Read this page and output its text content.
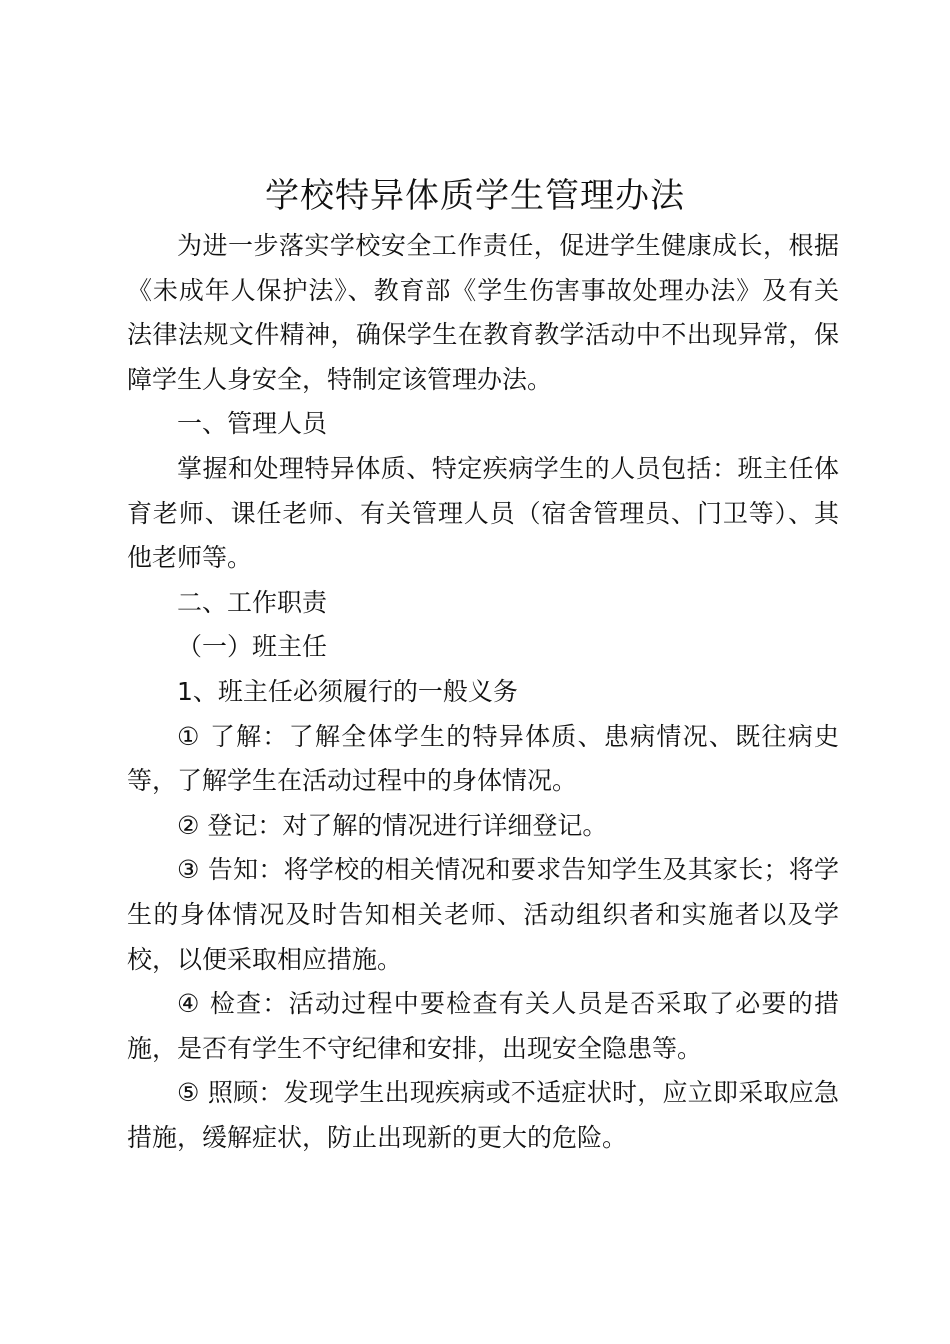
学校特异体质学生管理办法

为进一步落实学校安全工作责任，促进学生健康成长，根据《未成年人保护法》、教育部《学生伤害事故处理办法》及有关法律法规文件精神，确保学生在教育教学活动中不出现异常，保障学生人身安全，特制定该管理办法。

一、管理人员

掌握和处理特异体质、特定疾病学生的人员包括：班主任体育老师、课任老师、有关管理人员（宿舍管理员、门卫等）、其他老师等。

二、工作职责

（一）班主任

1、班主任必须履行的一般义务

① 了解：了解全体学生的特异体质、患病情况、既往病史等，了解学生在活动过程中的身体情况。

② 登记：对了解的情况进行详细登记。

③ 告知：将学校的相关情况和要求告知学生及其家长；将学生的身体情况及时告知相关老师、活动组织者和实施者以及学校，以便采取相应措施。

④ 检查：活动过程中要检查有关人员是否采取了必要的措施，是否有学生不守纪律和安排，出现安全隐患等。

⑤ 照顾：发现学生出现疾病或不适症状时，应立即采取应急措施，缓解症状，防止出现新的更大的危险。
